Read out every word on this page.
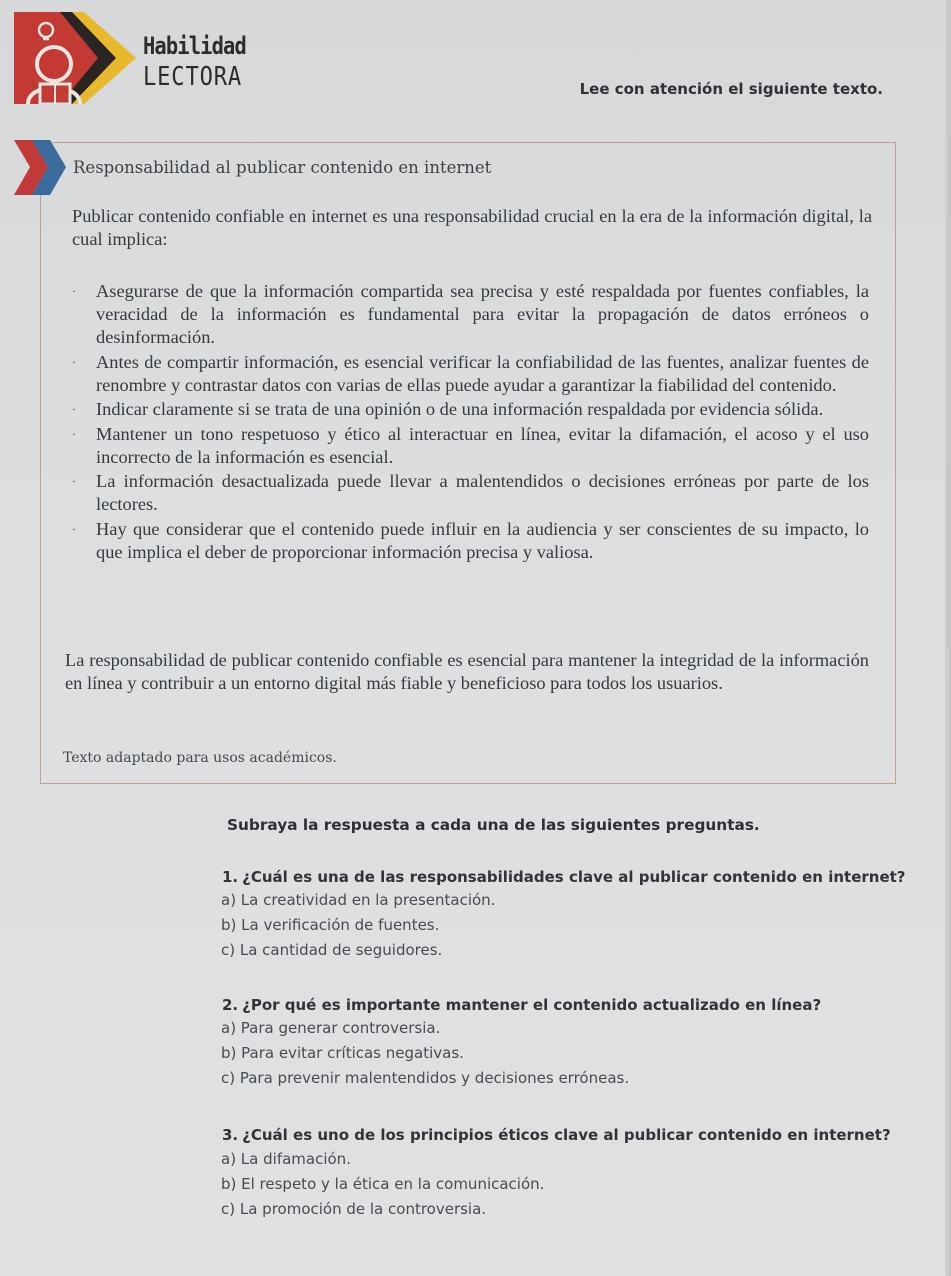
Habilidad
LECTORA	Lee con atención el siguiente texto.
Responsabilidad al publicar contenido en internet
Publicar contenido confiable en internet es una responsabilidad crucial en la era de la información digital, la cual implica:
· Asegurarse de que la información compartida sea precisa y esté respaldada por fuentes confiables, la veracidad de la información es fundamental para evitar la propagación de datos erróneos o desinformación.
· Antes de compartir información, es esencial verificar la confiabilidad de las fuentes, analizar fuentes de renombre y contrastar datos con varias de ellas puede ayudar a garantizar la fiabilidad del contenido.
· Indicar claramente si se trata de una opinión o de una información respaldada por evidencia sólida.
· Mantener un tono respetuoso y ético al interactuar en línea, evitar la difamación, el acoso y el uso incorrecto de la información es esencial.
· La información desactualizada puede llevar a malentendidos o decisiones erróneas por parte de los lectores.
· Hay que considerar que el contenido puede influir en la audiencia y ser conscientes de su impacto, lo que implica el deber de proporcionar información precisa y valiosa.
La responsabilidad de publicar contenido confiable es esencial para mantener la integridad de la información en línea y contribuir a un entorno digital más fiable y beneficioso para todos los usuarios.
Texto adaptado para usos académicos.
Subraya la respuesta a cada una de las siguientes preguntas.
1. ¿Cuál es una de las responsabilidades clave al publicar contenido en internet?
a) La creatividad en la presentación.
b) La verificación de fuentes.
c) La cantidad de seguidores.
2. ¿Por qué es importante mantener el contenido actualizado en línea?
a) Para generar controversia.
b) Para evitar críticas negativas.
c) Para prevenir malentendidos y decisiones erróneas.
3. ¿Cuál es uno de los principios éticos clave al publicar contenido en internet?
a) La difamación.
b) El respeto y la ética en la comunicación.
c) La promoción de la controversia.
